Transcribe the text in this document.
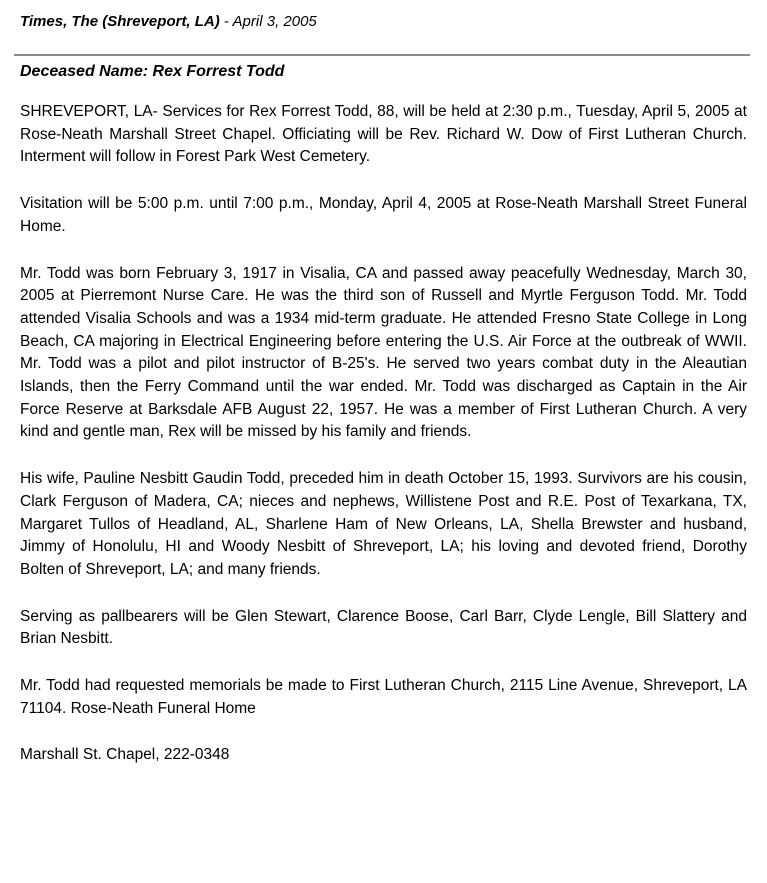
Times, The (Shreveport, LA) - April 3, 2005
Deceased Name: Rex Forrest Todd

SHREVEPORT, LA- Services for Rex Forrest Todd, 88, will be held at 2:30 p.m., Tuesday, April 5, 2005 at Rose-Neath Marshall Street Chapel. Officiating will be Rev. Richard W. Dow of First Lutheran Church. Interment will follow in Forest Park West Cemetery.

Visitation will be 5:00 p.m. until 7:00 p.m., Monday, April 4, 2005 at Rose-Neath Marshall Street Funeral Home.

Mr. Todd was born February 3, 1917 in Visalia, CA and passed away peacefully Wednesday, March 30, 2005 at Pierremont Nurse Care. He was the third son of Russell and Myrtle Ferguson Todd. Mr. Todd attended Visalia Schools and was a 1934 mid-term graduate. He attended Fresno State College in Long Beach, CA majoring in Electrical Engineering before entering the U.S. Air Force at the outbreak of WWII. Mr. Todd was a pilot and pilot instructor of B-25's. He served two years combat duty in the Aleautian Islands, then the Ferry Command until the war ended. Mr. Todd was discharged as Captain in the Air Force Reserve at Barksdale AFB August 22, 1957. He was a member of First Lutheran Church. A very kind and gentle man, Rex will be missed by his family and friends.

His wife, Pauline Nesbitt Gaudin Todd, preceded him in death October 15, 1993. Survivors are his cousin, Clark Ferguson of Madera, CA; nieces and nephews, Willistene Post and R.E. Post of Texarkana, TX, Margaret Tullos of Headland, AL, Sharlene Ham of New Orleans, LA, Shella Brewster and husband, Jimmy of Honolulu, HI and Woody Nesbitt of Shreveport, LA; his loving and devoted friend, Dorothy Bolten of Shreveport, LA; and many friends.

Serving as pallbearers will be Glen Stewart, Clarence Boose, Carl Barr, Clyde Lengle, Bill Slattery and Brian Nesbitt.

Mr. Todd had requested memorials be made to First Lutheran Church, 2115 Line Avenue, Shreveport, LA 71104. Rose-Neath Funeral Home

Marshall St. Chapel, 222-0348
